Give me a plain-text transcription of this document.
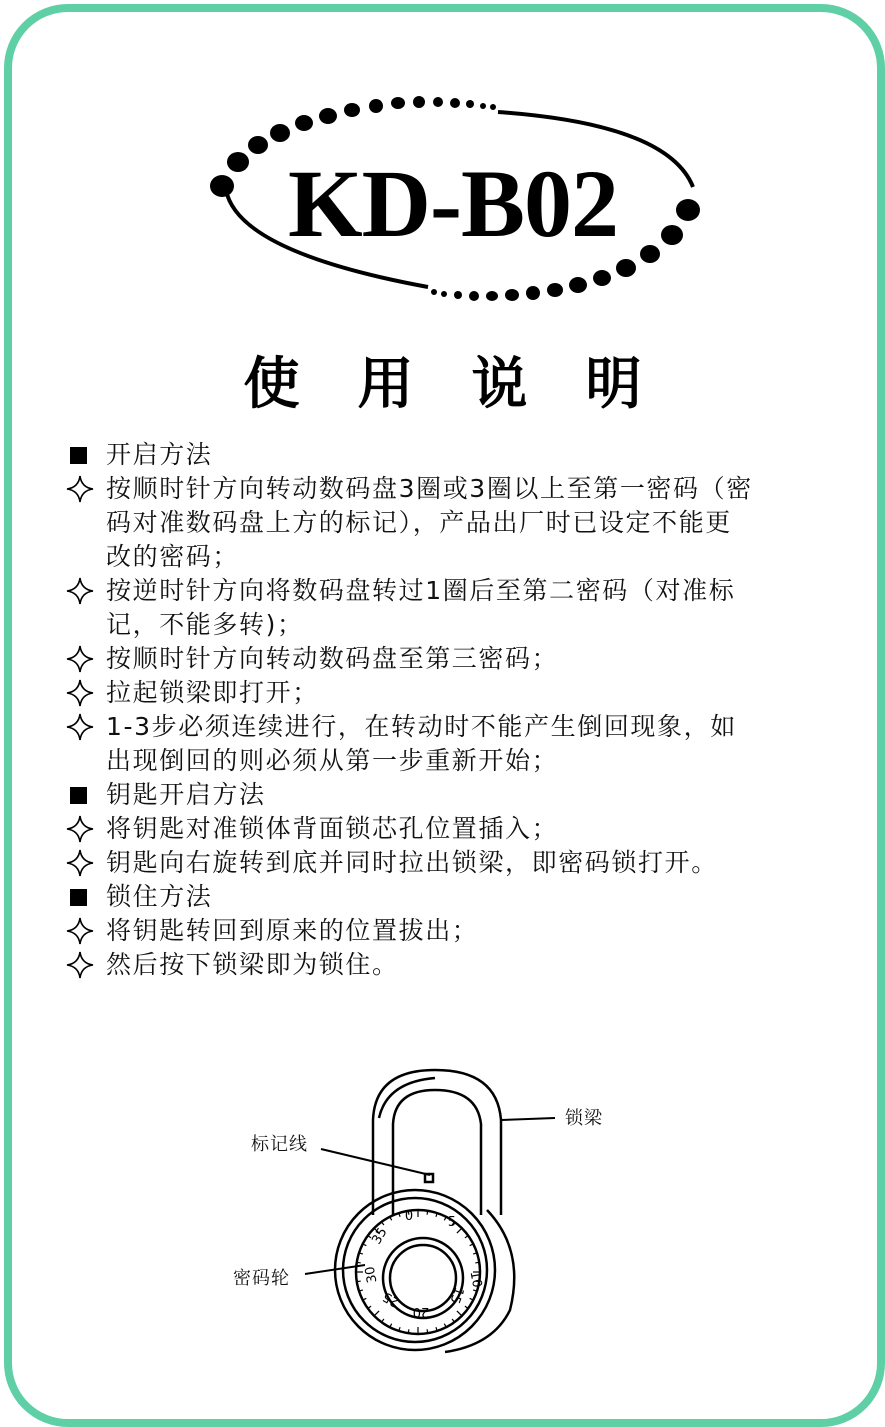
KD-B02
使用说明
开启方法
按顺时针方向转动数码盘3圈或3圈以上至第一密码（密
码对准数码盘上方的标记），产品出厂时已设定不能更
改的密码；
按逆时针方向将数码盘转过1圈后至第二密码（对准标
记，不能多转)；
按顺时针方向转动数码盘至第三密码；
拉起锁梁即打开；
1-3步必须连续进行，在转动时不能产生倒回现象，如
出现倒回的则必须从第一步重新开始；
钥匙开启方法
将钥匙对准锁体背面锁芯孔位置插入；
钥匙向右旋转到底并同时拉出锁梁，即密码锁打开。
锁住方法
将钥匙转回到原来的位置拔出；
然后按下锁梁即为锁住。
0	5
10
15
20
25
30
35
锁梁
标记线
密码轮
